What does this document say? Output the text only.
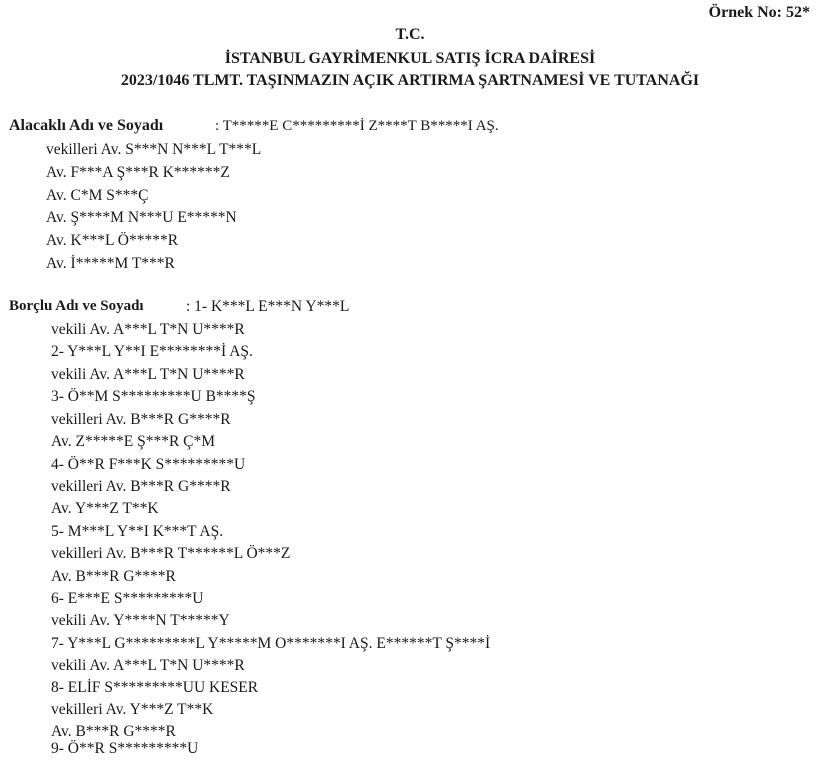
Örnek No: 52*
T.C.
İSTANBUL GAYRİMENKUL SATIŞ İCRA DAİRESİ
2023/1046 TLMT. TAŞINMAZIN AÇIK ARTIRMA ŞARTNAMESİ VE TUTANAĞI
Alacaklı Adı ve Soyadı	: T*****E C*********İ Z****T B*****I AŞ.
vekilleri Av. S***N N***L T***L
Av. F***A Ş***R K******Z
Av. C*M S***Ç
Av. Ş****M N***U E*****N
Av. K***L Ö*****R
Av. İ*****M T***R
Borçlu Adı ve Soyadı	: 1- K***L E***N Y***L
vekili Av. A***L T*N U****R
2- Y***L Y**I E********İ AŞ.
vekili Av. A***L T*N U****R
3- Ö**M S*********U B****Ş
vekilleri Av. B***R G****R
Av. Z*****E Ş***R Ç*M
4- Ö**R F***K S*********U
vekilleri Av. B***R G****R
Av. Y***Z T**K
5- M***L Y**I K***T AŞ.
vekilleri Av. B***R T******L Ö***Z
Av. B***R G****R
6- E***E S*********U
vekili Av. Y****N T*****Y
7- Y***L G*********L Y*****M O*******I AŞ. E******T Ş****İ
vekili Av. A***L T*N U****R
8- ELİF S*********UU KESER
vekilleri Av. Y***Z T**K
Av. B***R G****R
9- Ö**R S*********U
